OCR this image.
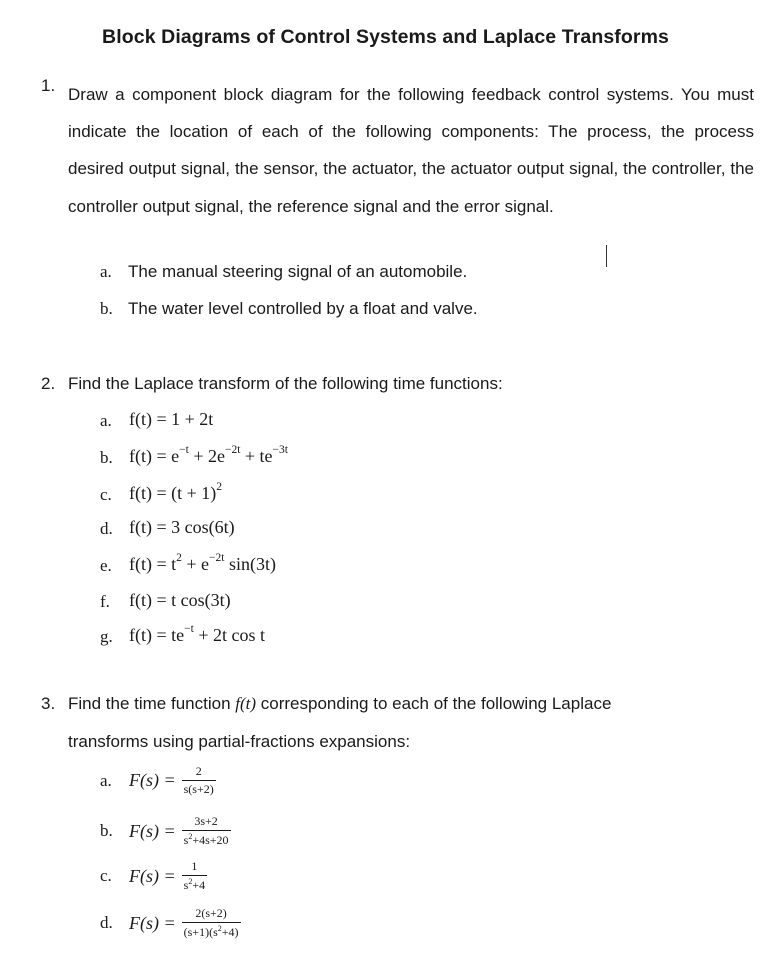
Block Diagrams of Control Systems and Laplace Transforms
1. Draw a component block diagram for the following feedback control systems. You must indicate the location of each of the following components: The process, the process desired output signal, the sensor, the actuator, the actuator output signal, the controller, the controller output signal, the reference signal and the error signal.
a. The manual steering signal of an automobile.
b. The water level controlled by a float and valve.
2. Find the Laplace transform of the following time functions:
a. f(t) = 1 + 2t
b. $f(t) = e^{-t} + 2e^{-2t} + te^{-3t}$
c. $f(t) = (t + 1)^2$
d. f(t) = 3 cos(6t)
e. $f(t) = t^2 + e^{-2t}$ sin(3t)
f. f(t) = t cos(3t)
g. $f(t) = te^{-t} + 2t$ cos t
3. Find the time function f(t) corresponding to each of the following Laplace
transforms using partial-fractions expansions:
a. $F(s) = \frac{2}{s(s+2)}$
b. $F(s) = \frac{3s+2}{s^2+4s+20}$
c. $F(s) = \frac{1}{s^2+4}$
d. $F(s) = \frac{2(s+2)}{(s+1)(s^2+4)}$
